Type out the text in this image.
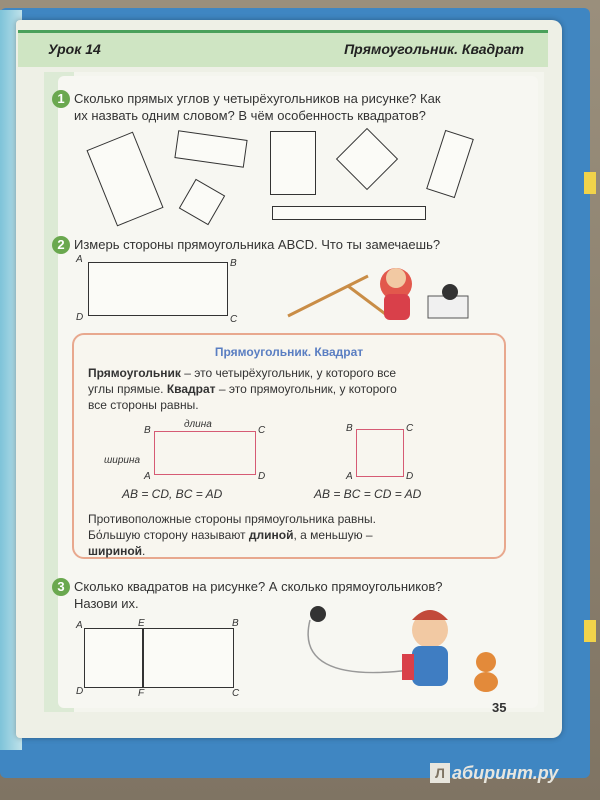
Урок 14	Прямоугольник. Квадрат
1 Сколько прямых углов у четырёхугольников на рисунке? Как
их назвать одним словом? В чём особенность квадратов?
2 Измерь стороны прямоугольника ABCD. Что ты замечаешь?
A	B
C
D
Прямоугольник. Квадрат
Прямоугольник – это четырёхугольник, у которого все
углы прямые. Квадрат – это прямоугольник, у которого
все стороны равны.
длина
ширина
B	C
A	D
B	C
A	D
AB = CD, BC = AD	AB = BC = CD = AD
Противоположные стороны прямоугольника равны.
Бόльшую сторону называют длиной, а меньшую –
шириной.
3 Сколько квадратов на рисунке? А сколько прямоугольников?
Назови их.
A	E	B
D	F	C
35
Л абиринт.ру
